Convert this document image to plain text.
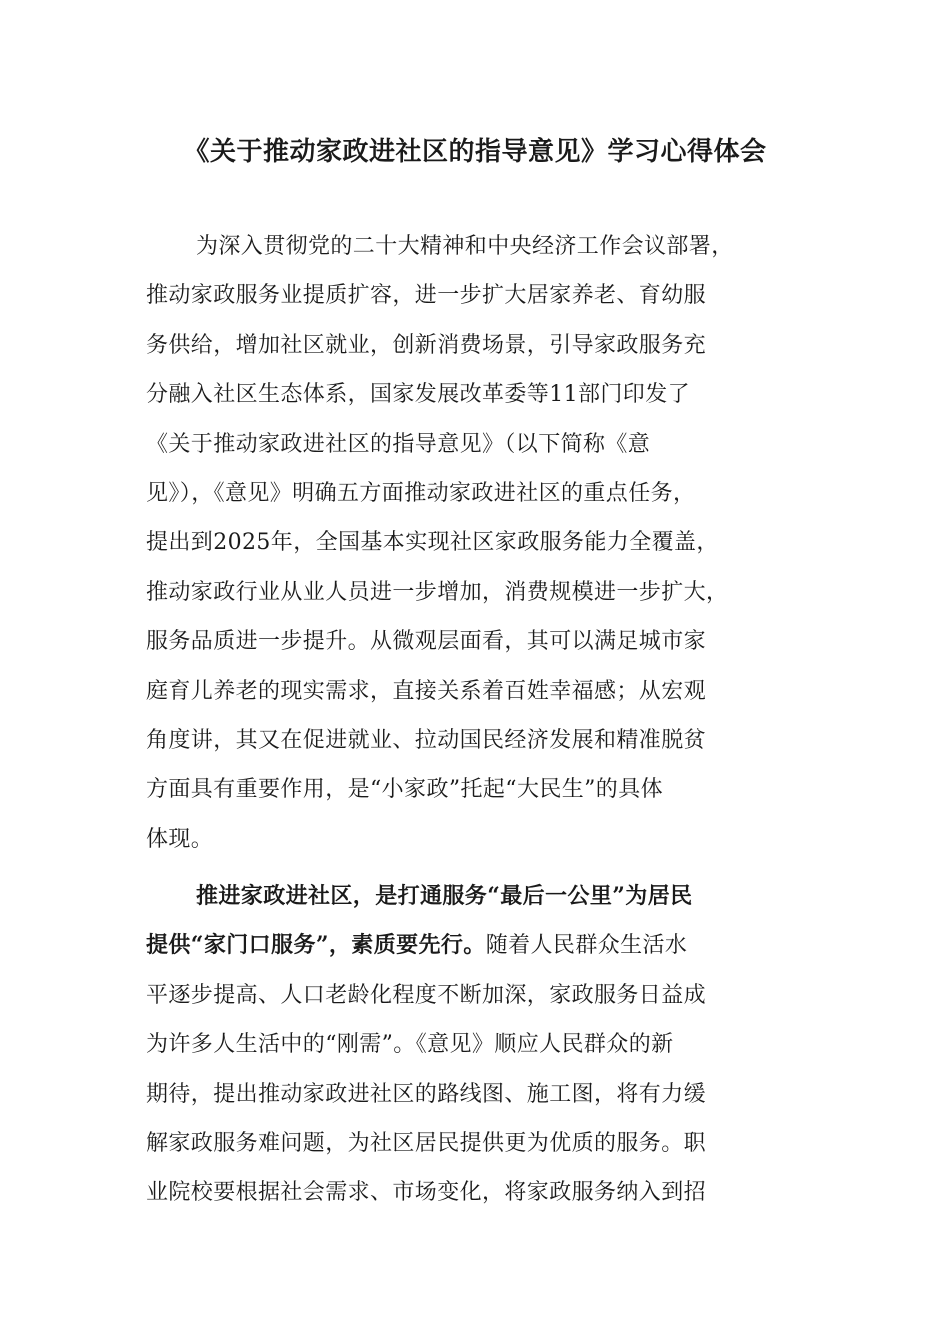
《关于推动家政进社区的指导意见》学习心得体会
为深入贯彻党的二十大精神和中央经济工作会议部署，
推动家政服务业提质扩容，进一步扩大居家养老、育幼服
务供给，增加社区就业，创新消费场景，引导家政服务充
分融入社区生态体系，国家发展改革委等11部门印发了
《关于推动家政进社区的指导意见》（以下简称《意
见》），《意见》明确五方面推动家政进社区的重点任务，
提出到2025年，全国基本实现社区家政服务能力全覆盖，
推动家政行业从业人员进一步增加，消费规模进一步扩大，
服务品质进一步提升。从微观层面看，其可以满足城市家
庭育儿养老的现实需求，直接关系着百姓幸福感；从宏观
角度讲，其又在促进就业、拉动国民经济发展和精准脱贫
方面具有重要作用，是“小家政”托起“大民生”的具体
体现。
推进家政进社区，是打通服务“最后一公里”为居民
提供“家门口服务”，素质要先行。随着人民群众生活水
平逐步提高、人口老龄化程度不断加深，家政服务日益成
为许多人生活中的“刚需”。《意见》顺应人民群众的新
期待，提出推动家政进社区的路线图、施工图，将有力缓
解家政服务难问题，为社区居民提供更为优质的服务。职
业院校要根据社会需求、市场变化，将家政服务纳入到招
